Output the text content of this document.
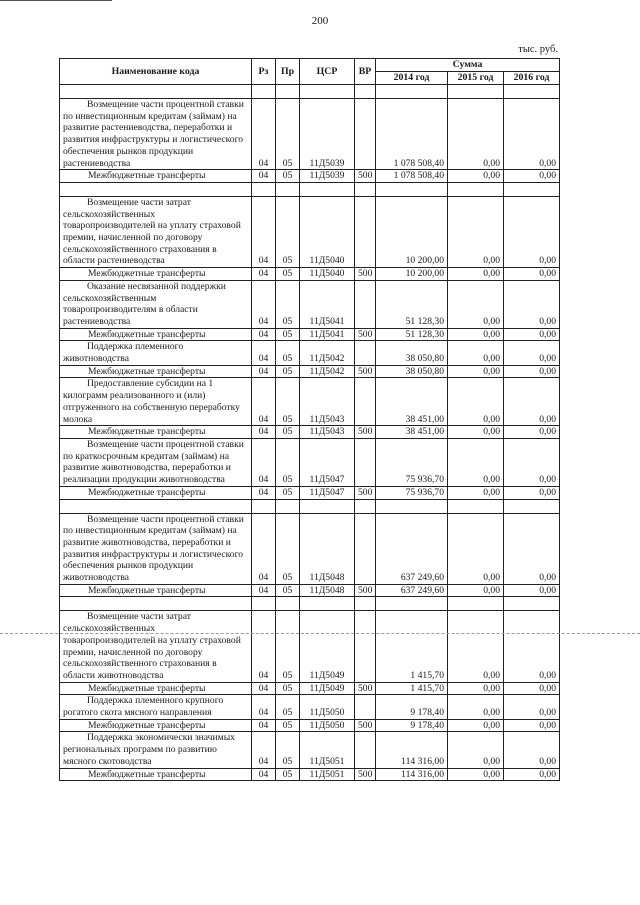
200
тыс. руб.
Наименование кода	Рз	Пр	ЦСР	ВР	Сумма		
					2014 год	2015 год	2016 год

Возмещение части процентной ставки по инвестиционным кредитам (займам) на развитие растениеводства, переработки и развития инфраструктуры и логистического обеспечения рынков продукции растениеводства	04	05	11Д5039		1 078 508,40	0,00	0,00
Межбюджетные трансферты	04	05	11Д5039	500	1 078 508,40	0,00	0,00

Возмещение части затрат сельскохозяйственных товаропроизводителей на уплату страховой премии, начисленной по договору сельскохозяйственного страхования в области растениеводства	04	05	11Д5040		10 200,00	0,00	0,00
Межбюджетные трансферты	04	05	11Д5040	500	10 200,00	0,00	0,00
Оказание несвязанной поддержки сельскохозяйственным товаропроизводителям в области растениеводства	04	05	11Д5041		51 128,30	0,00	0,00
Межбюджетные трансферты	04	05	11Д5041	500	51 128,30	0,00	0,00
Поддержка племенного животноводства	04	05	11Д5042		38 050,80	0,00	0,00
Межбюджетные трансферты	04	05	11Д5042	500	38 050,80	0,00	0,00
Предоставление субсидии на 1 килограмм реализованного и (или) отгруженного на собственную переработку молока	04	05	11Д5043		38 451,00	0,00	0,00
Межбюджетные трансферты	04	05	11Д5043	500	38 451,00	0,00	0,00
Возмещение части процентной ставки по краткосрочным кредитам (займам) на развитие животноводства, переработки и реализации продукции животноводства	04	05	11Д5047		75 936,70	0,00	0,00
Межбюджетные трансферты	04	05	11Д5047	500	75 936,70	0,00	0,00

Возмещение части процентной ставки по инвестиционным кредитам (займам) на развитие животноводства, переработки и развития инфраструктуры и логистического обеспечения рынков продукции животноводства	04	05	11Д5048		637 249,60	0,00	0,00
Межбюджетные трансферты	04	05	11Д5048	500	637 249,60	0,00	0,00

Возмещение части затрат сельскохозяйственных товаропроизводителей на уплату страховой премии, начисленной по договору сельскохозяйственного страхования в области животноводства	04	05	11Д5049		1 415,70	0,00	0,00
Межбюджетные трансферты	04	05	11Д5049	500	1 415,70	0,00	0,00
Поддержка племенного крупного рогатого скота мясного направления	04	05	11Д5050		9 178,40	0,00	0,00
Межбюджетные трансферты	04	05	11Д5050	500	9 178,40	0,00	0,00
Поддержка экономически значимых региональных программ по развитию мясного скотоводства	04	05	11Д5051		114 316,00	0,00	0,00
Межбюджетные трансферты	04	05	11Д5051	500	114 316,00	0,00	0,00
